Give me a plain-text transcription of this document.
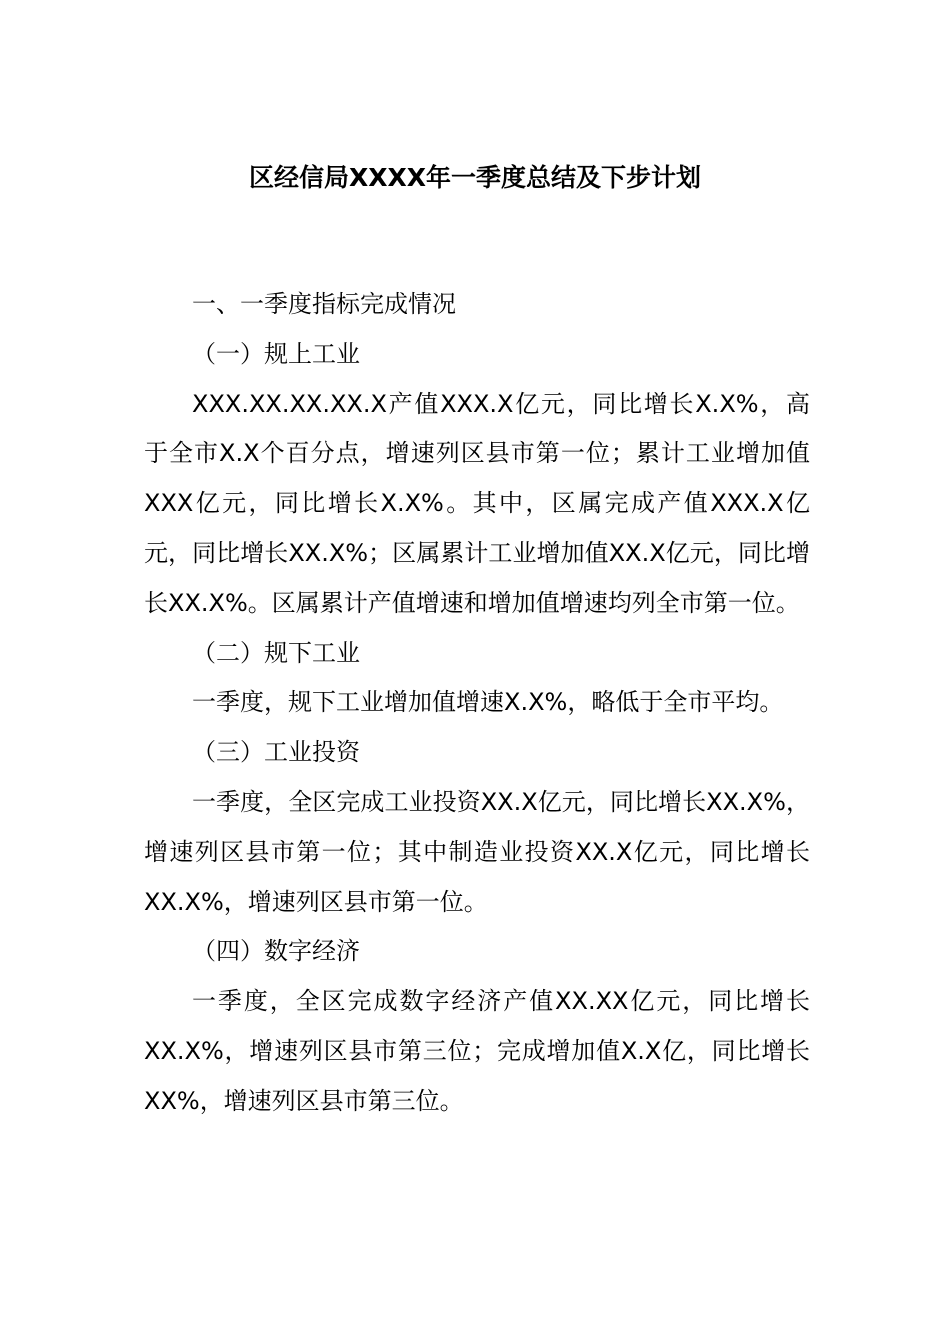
区经信局XXXX年一季度总结及下步计划

一、一季度指标完成情况

（一）规上工业

XXX.XX.XX.XX.X产值XXX.X亿元，同比增长X.X%，高于全市X.X个百分点，增速列区县市第一位；累计工业增加值XXX亿元，同比增长X.X%。其中，区属完成产值XXX.X亿元，同比增长XX.X%；区属累计工业增加值XX.X亿元，同比增长XX.X%。区属累计产值增速和增加值增速均列全市第一位。

（二）规下工业

一季度，规下工业增加值增速X.X%，略低于全市平均。

（三）工业投资

一季度，全区完成工业投资XX.X亿元，同比增长XX.X%，增速列区县市第一位；其中制造业投资XX.X亿元，同比增长XX.X%，增速列区县市第一位。

（四）数字经济

一季度，全区完成数字经济产值XX.XX亿元，同比增长XX.X%，增速列区县市第三位；完成增加值X.X亿，同比增长XX%，增速列区县市第三位。
